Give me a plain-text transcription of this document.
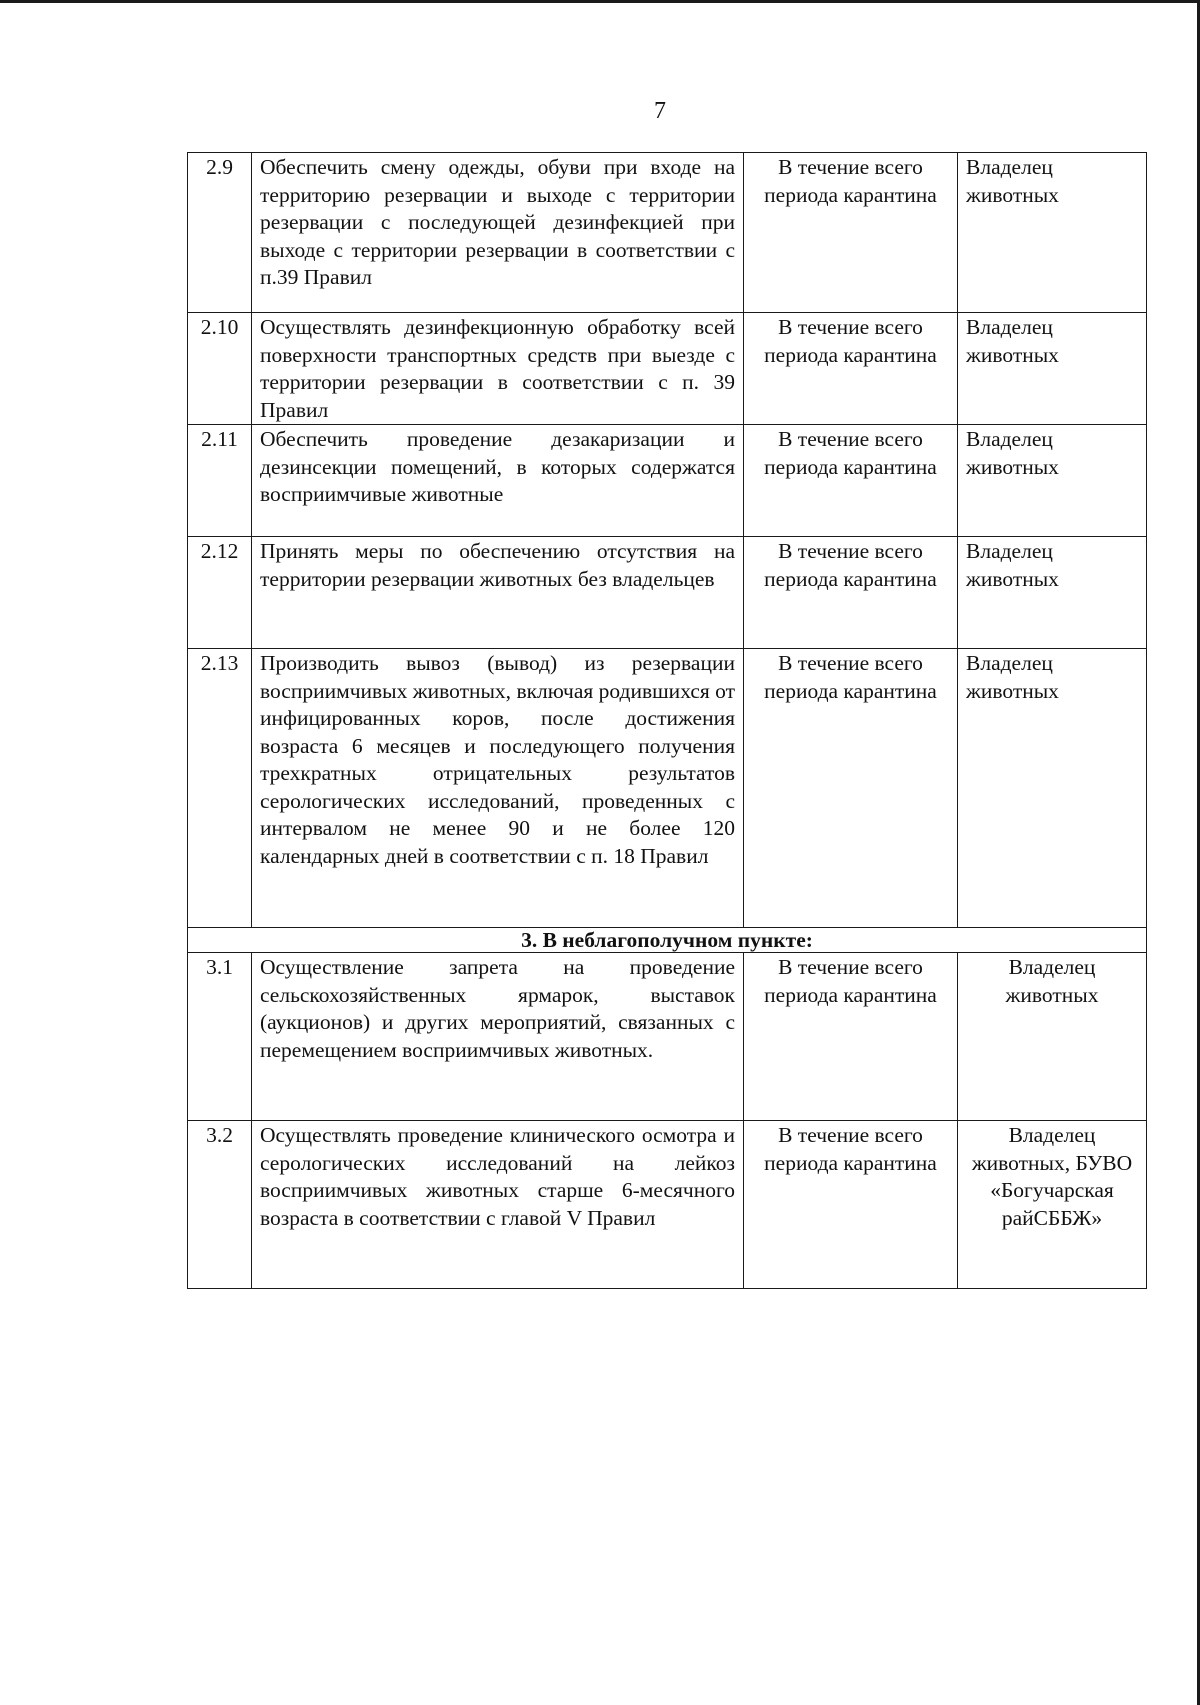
7
2.9	Обеспечить смену одежды, обуви при входе на территорию резервации и выходе с территории резервации с последующей дезинфекцией при выходе с территории резервации в соответствии с п.39 Правил	В течение всего периода карантина	Владелец животных
2.10	Осуществлять дезинфекционную обработку всей поверхности транспортных средств при выезде с территории резервации в соответствии с п. 39 Правил	В течение всего периода карантина	Владелец животных
2.11	Обеспечить проведение дезакаризации и дезинсекции помещений, в которых содержатся восприимчивые животные	В течение всего периода карантина	Владелец животных
2.12	Принять меры по обеспечению отсутствия на территории резервации животных без владельцев	В течение всего периода карантина	Владелец животных
2.13	Производить вывоз (вывод) из резервации восприимчивых животных, включая родившихся от инфицированных коров, после достижения возраста 6 месяцев и последующего получения трехкратных отрицательных результатов серологических исследований, проведенных с интервалом не менее 90 и не более 120 календарных дней в соответствии с п. 18 Правил	В течение всего периода карантина	Владелец животных
3. В неблагополучном пункте:			
3.1	Осуществление запрета на проведение сельскохозяйственных ярмарок, выставок (аукционов) и других мероприятий, связанных с перемещением восприимчивых животных.	В течение всего периода карантина	Владелец животных
3.2	Осуществлять проведение клинического осмотра и серологических исследований на лейкоз восприимчивых животных старше 6-месячного возраста в соответствии с главой V Правил	В течение всего периода карантина	Владелец животных, БУВО «Богучарская райСББЖ»
